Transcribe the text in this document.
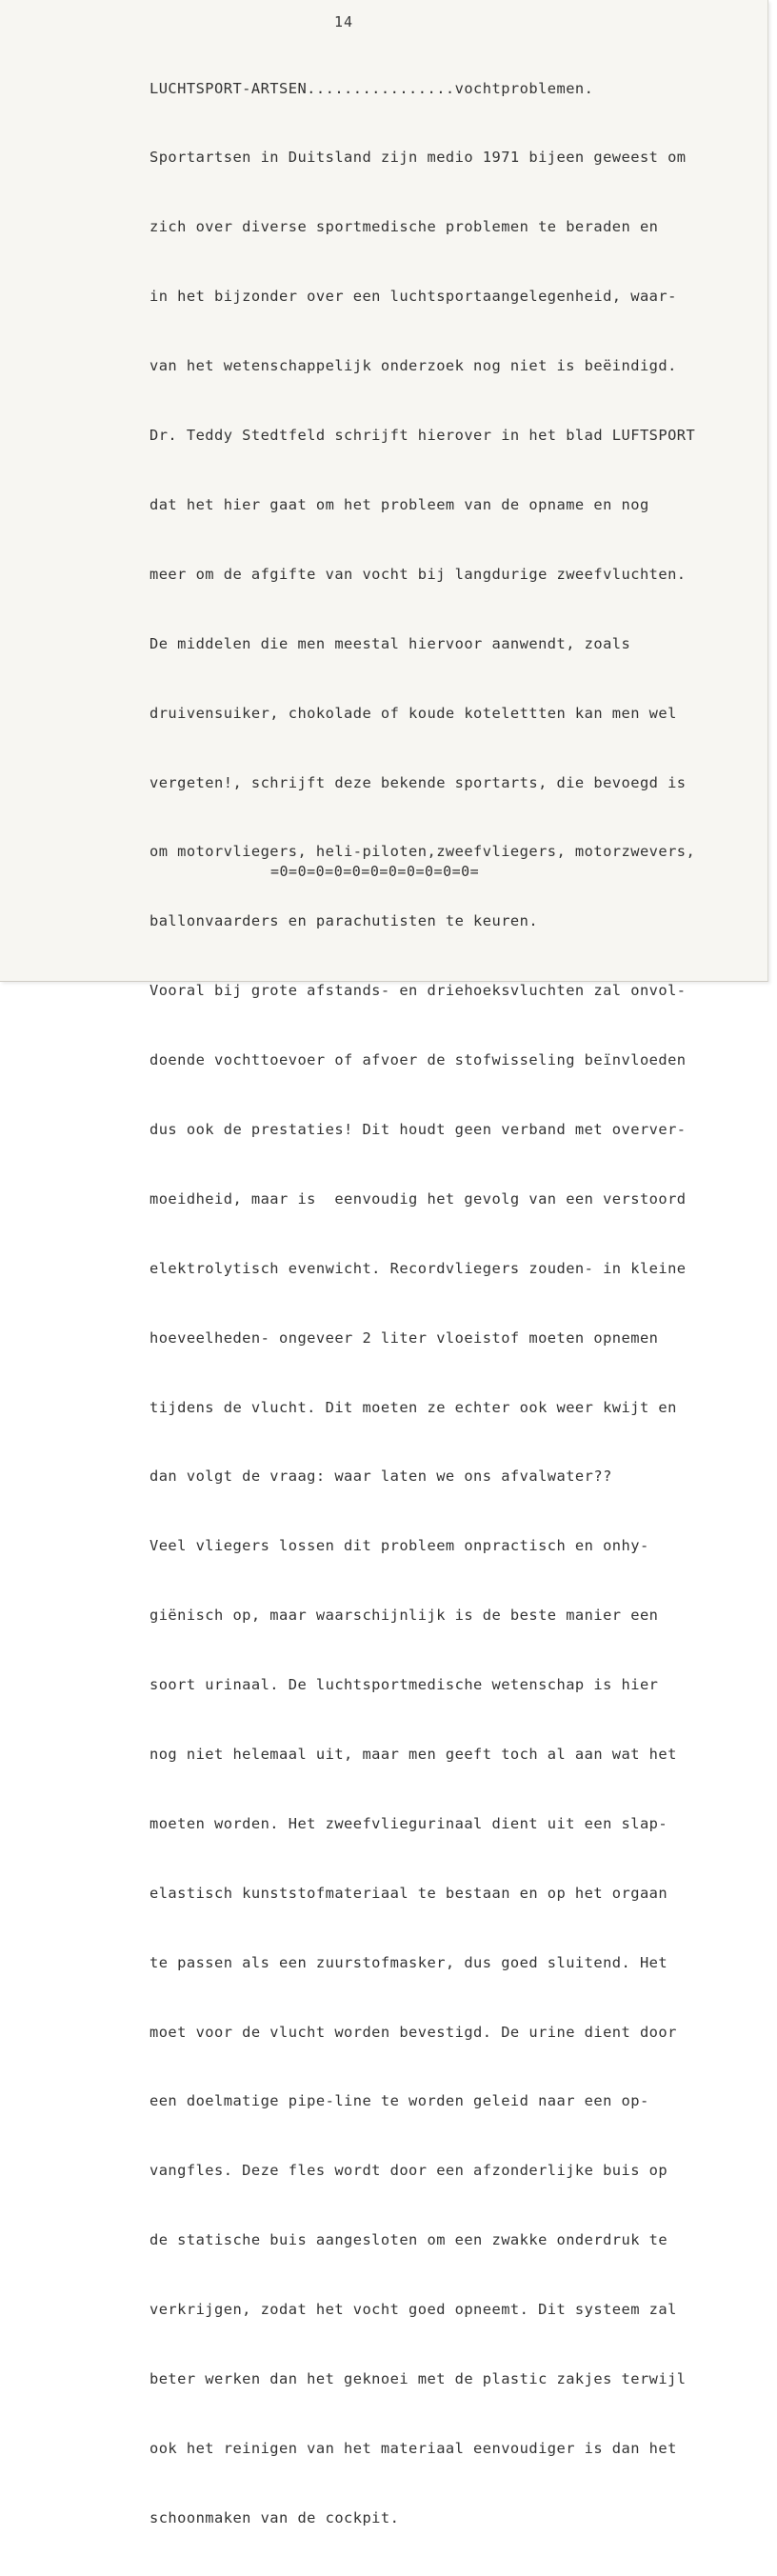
14

LUCHTSPORT-ARTSEN................vochtproblemen.

Sportartsen in Duitsland zijn medio 1971 bijeen geweest om

zich over diverse sportmedische problemen te beraden en

in het bijzonder over een luchtsportaangelegenheid, waar-

van het wetenschappelijk onderzoek nog niet is beëindigd.

Dr. Teddy Stedtfeld schrijft hierover in het blad LUFTSPORT

dat het hier gaat om het probleem van de opname en nog

meer om de afgifte van vocht bij langdurige zweefvluchten.

De middelen die men meestal hiervoor aanwendt, zoals

druivensuiker, chokolade of koude kotelettten kan men wel

vergeten!, schrijft deze bekende sportarts, die bevoegd is

om motorvliegers, heli-piloten,zweefvliegers, motorzwevers,

ballonvaarders en parachutisten te keuren.

Vooral bij grote afstands- en driehoeksvluchten zal onvol-

doende vochttoevoer of afvoer de stofwisseling beïnvloeden

dus ook de prestaties! Dit houdt geen verband met overver-

moeidheid, maar is  eenvoudig het gevolg van een verstoord

elektrolytisch evenwicht. Recordvliegers zouden- in kleine

hoeveelheden- ongeveer 2 liter vloeistof moeten opnemen

tijdens de vlucht. Dit moeten ze echter ook weer kwijt en

dan volgt de vraag: waar laten we ons afvalwater??

Veel vliegers lossen dit probleem onpractisch en onhy-

giënisch op, maar waarschijnlijk is de beste manier een

soort urinaal. De luchtsportmedische wetenschap is hier

nog niet helemaal uit, maar men geeft toch al aan wat het

moeten worden. Het zweefvliegurinaal dient uit een slap-

elastisch kunststofmateriaal te bestaan en op het orgaan

te passen als een zuurstofmasker, dus goed sluitend. Het

moet voor de vlucht worden bevestigd. De urine dient door

een doelmatige pipe-line te worden geleid naar een op-

vangfles. Deze fles wordt door een afzonderlijke buis op

de statische buis aangesloten om een zwakke onderdruk te

verkrijgen, zodat het vocht goed opneemt. Dit systeem zal

beter werken dan het geknoei met de plastic zakjes terwijl

ook het reinigen van het materiaal eenvoudiger is dan het

schoonmaken van de cockpit.

=0=0=0=0=0=0=0=0=0=0=0=
